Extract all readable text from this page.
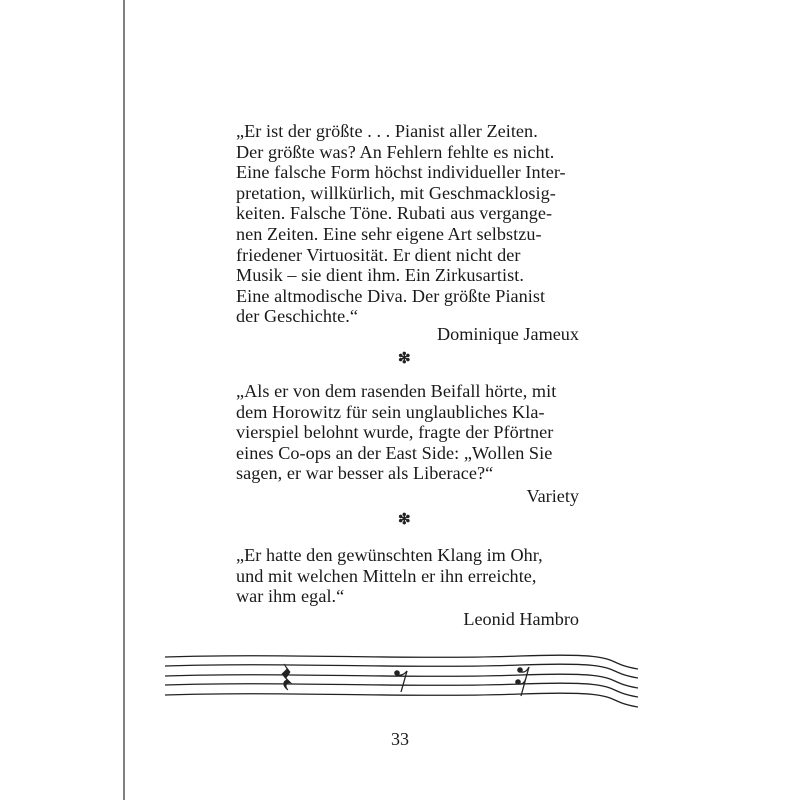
„Er ist der größte . . . Pianist aller Zeiten.
Der größte was? An Fehlern fehlte es nicht.
Eine falsche Form höchst individueller Inter-
pretation, willkürlich, mit Geschmacklosig-
keiten. Falsche Töne. Rubati aus vergange-
nen Zeiten. Eine sehr eigene Art selbstzu-
friedener Virtuosität. Er dient nicht der
Musik – sie dient ihm. Ein Zirkusartist.
Eine altmodische Diva. Der größte Pianist
der Geschichte.“
Dominique Jameux
❇
„Als er von dem rasenden Beifall hörte, mit
dem Horowitz für sein unglaubliches Kla-
vierspiel belohnt wurde, fragte der Pförtner
eines Co-ops an der East Side: „Wollen Sie
sagen, er war besser als Liberace?“
Variety
❇
„Er hatte den gewünschten Klang im Ohr,
und mit welchen Mitteln er ihn erreichte,
war ihm egal.“
Leonid Hambro
33
